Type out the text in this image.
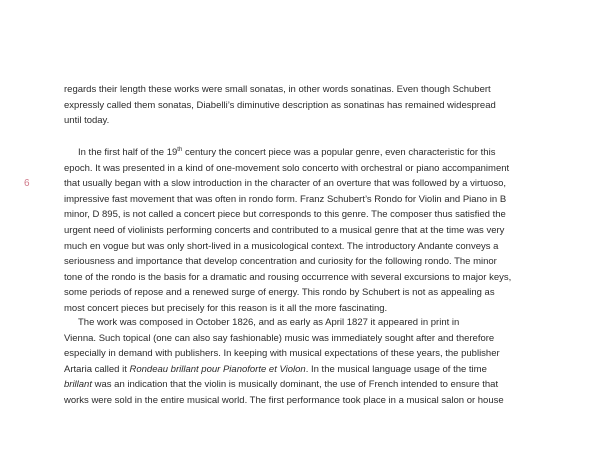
6

regards their length these works were small sonatas, in other words sonatinas. Even though Schubert
expressly called them sonatas, Diabelli’s diminutive description as sonatinas has remained widespread
until today.

In the first half of the 19th century the concert piece was a popular genre, even characteristic for this
epoch. It was presented in a kind of one-movement solo concerto with orchestral or piano accompaniment
that usually began with a slow introduction in the character of an overture that was followed by a virtuoso,
impressive fast movement that was often in rondo form. Franz Schubert’s Rondo for Violin and Piano in B
minor, D 895, is not called a concert piece but corresponds to this genre. The composer thus satisfied the
urgent need of violinists performing concerts and contributed to a musical genre that at the time was very
much en vogue but was only short-lived in a musicological context. The introductory Andante conveys a
seriousness and importance that develop concentration and curiosity for the following rondo. The minor
tone of the rondo is the basis for a dramatic and rousing occurrence with several excursions to major keys,
some periods of repose and a renewed surge of energy. This rondo by Schubert is not as appealing as
most concert pieces but precisely for this reason is it all the more fascinating.

The work was composed in October 1826, and as early as April 1827 it appeared in print in
Vienna. Such topical (one can also say fashionable) music was immediately sought after and therefore
especially in demand with publishers. In keeping with musical expectations of these years, the publisher
Artaria called it Rondeau brillant pour Pianoforte et Violon. In the musical language usage of the time
brillant was an indication that the violin is musically dominant, the use of French intended to ensure that
works were sold in the entire musical world. The first performance took place in a musical salon or house
